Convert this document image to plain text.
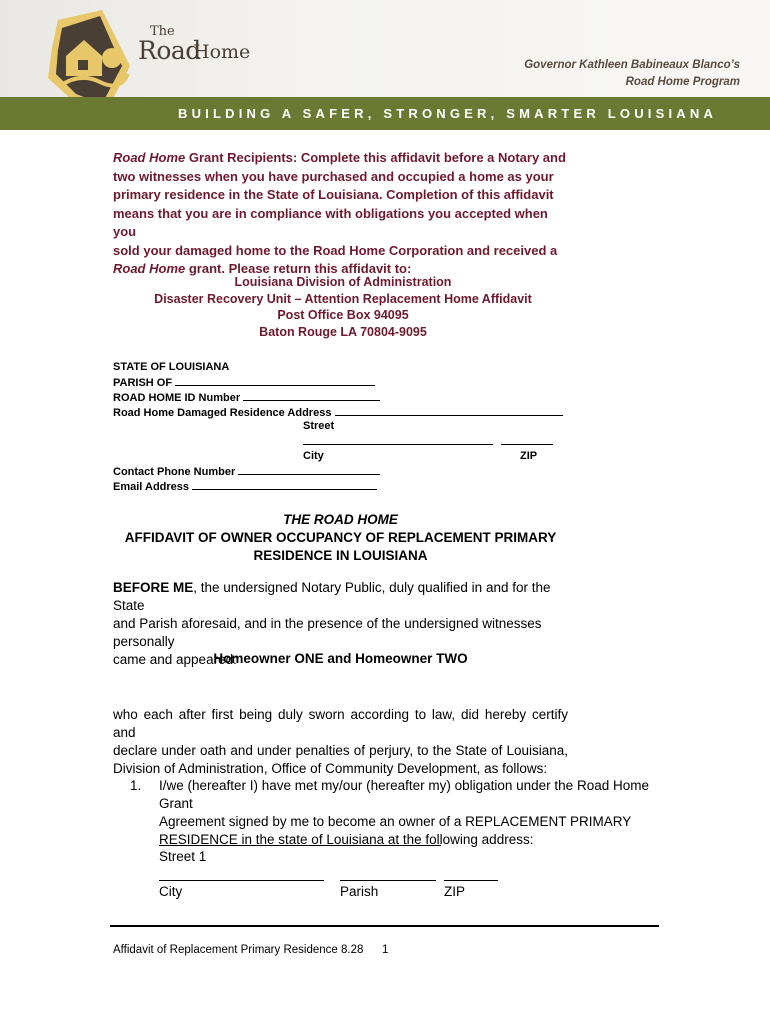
The
Road
Home
Governor Kathleen Babineaux Blanco’s
Road Home Program
BUILDING A SAFER, STRONGER, SMARTER LOUISIANA
Road Home Grant Recipients: Complete this affidavit before a Notary and
two witnesses when you have purchased and occupied a home as your
primary residence in the State of Louisiana. Completion of this affidavit
means that you are in compliance with obligations you accepted when you
sold your damaged home to the Road Home Corporation and received a
Road Home grant. Please return this affidavit to:
Louisiana Division of Administration
Disaster Recovery Unit – Attention Replacement Home Affidavit
Post Office Box 94095
Baton Rouge LA 70804-9095
STATE OF LOUISIANA
PARISH OF
ROAD HOME ID Number
Road Home Damaged Residence Address
Street
City	ZIP
Contact Phone Number
Email Address
THE ROAD HOME
AFFIDAVIT OF OWNER OCCUPANCY OF REPLACEMENT PRIMARY
RESIDENCE IN LOUISIANA
BEFORE ME, the undersigned Notary Public, duly qualified in and for the State
and Parish aforesaid, and in the presence of the undersigned witnesses personally
came and appeared:
Homeowner ONE and Homeowner TWO
who each after first being duly sworn according to law, did hereby certify and
declare under oath and under penalties of perjury, to the State of Louisiana,
Division of Administration, Office of Community Development, as follows:
1. I/we (hereafter I) have met my/our (hereafter my) obligation under the Road Home Grant
Agreement signed by me to become an owner of a REPLACEMENT PRIMARY
RESIDENCE in the state of Louisiana at the following address:
Street 1
City	Parish	ZIP
Affidavit of Replacement Primary Residence 8.28 1
